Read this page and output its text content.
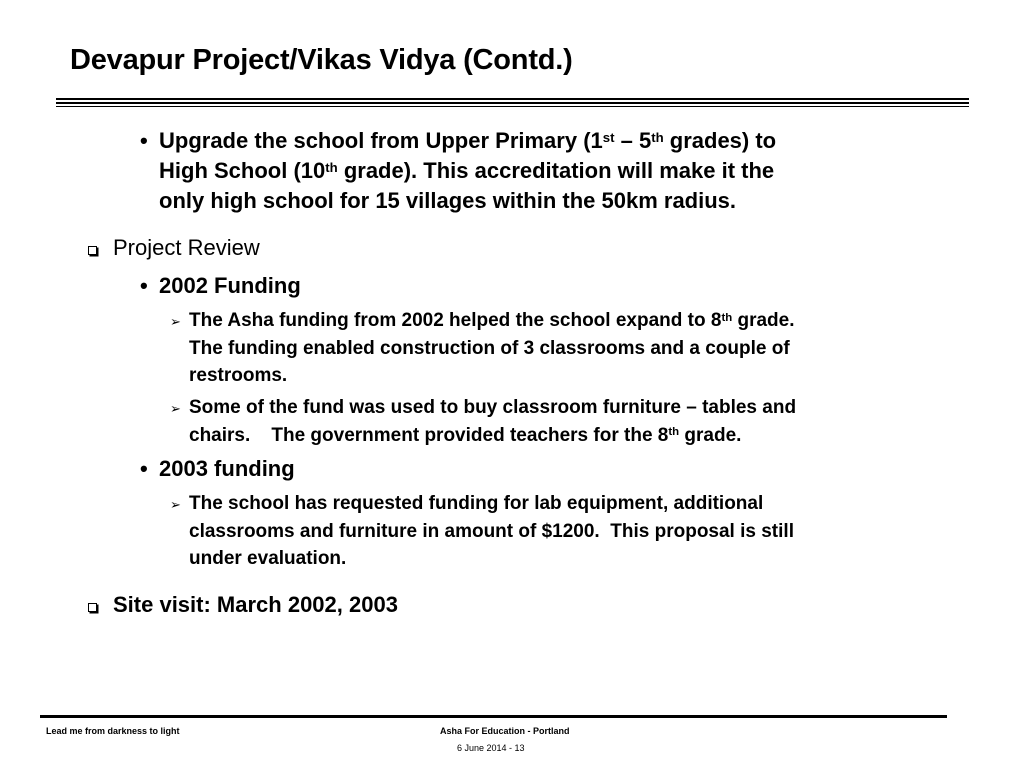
Devapur Project/Vikas Vidya (Contd.)
• Upgrade the school from Upper Primary (1st – 5th grades) to
High School (10th grade). This accreditation will make it the
only high school for 15 villages within the 50km radius.
Project Review
• 2002 Funding
➢ The Asha funding from 2002 helped the school expand to 8th grade.
The funding enabled construction of 3 classrooms and a couple of
restrooms.
➢ Some of the fund was used to buy classroom furniture – tables and
chairs.    The government provided teachers for the 8th grade.
• 2003 funding
➢ The school has requested funding for lab equipment, additional
classrooms and furniture in amount of $1200.  This proposal is still
under evaluation.
Site visit: March 2002, 2003
Lead me from darkness to light	Asha For Education - Portland
6 June 2014 - 13
